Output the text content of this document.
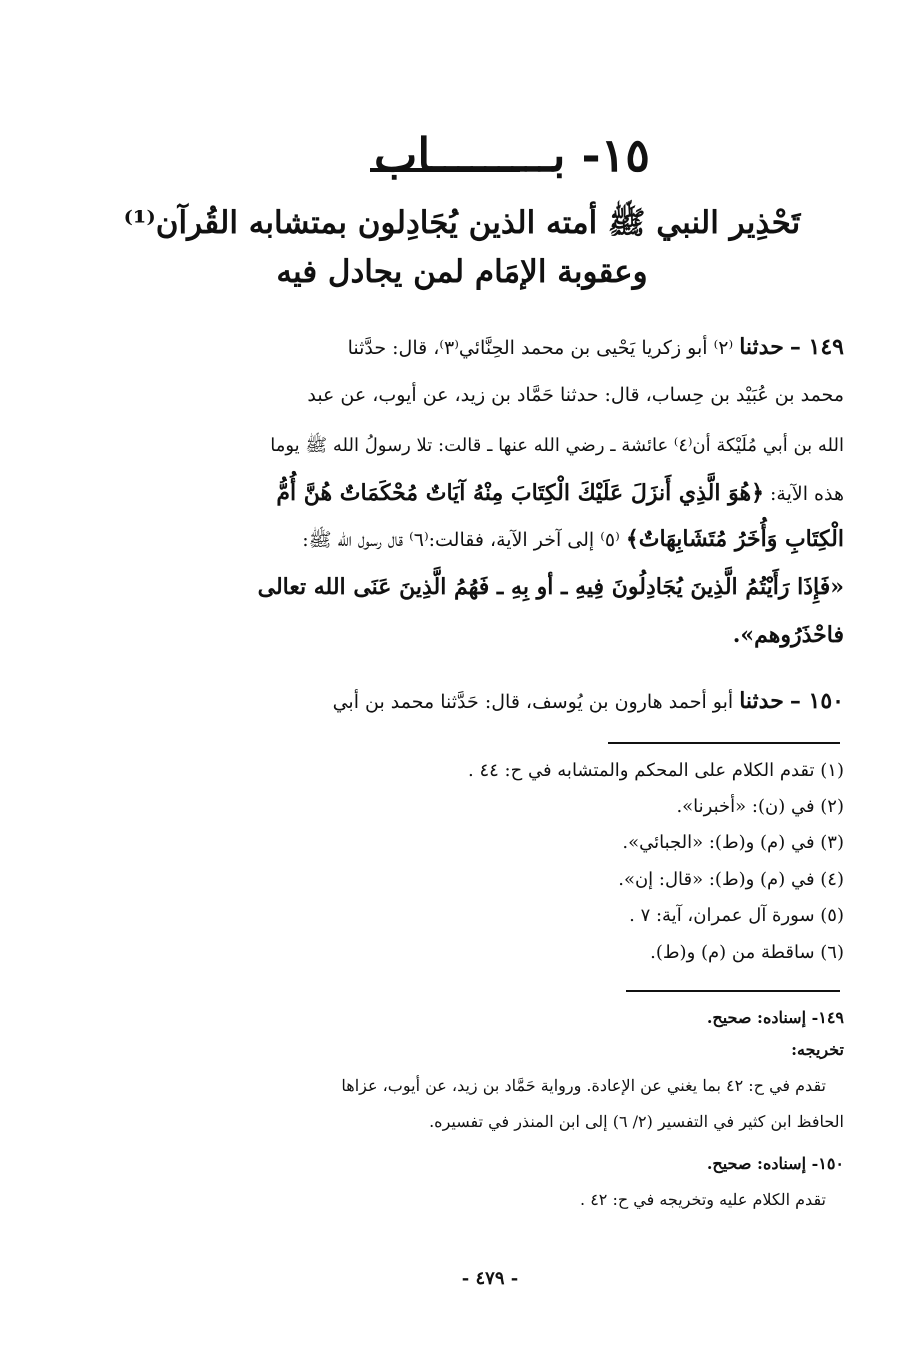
١٥- بـــــــــاب
تَحْذِير النبي ﷺ أمته الذين يُجَادِلون بمتشابه القُرآن⁽¹⁾
وعقوبة الإمَام لمن يجادل فيه
١٤٩ – حدثنا ⁽٢⁾ أبو زكريا يَحْيى بن محمد الحِنَّائي⁽٣⁾، قال: حدَّثنا
محمد بن عُبَيْد بن حِساب، قال: حدثنا حَمَّاد بن زيد، عن أيوب، عن عبد
الله بن أبي مُلَيْكة أن⁽٤⁾ عائشة ـ رضي الله عنها ـ قالت: تلا رسولُ الله ﷺ يوما
هذه الآية: ﴿هُوَ الَّذِي أَنزَلَ عَلَيْكَ الْكِتَابَ مِنْهُ آيَاتٌ مُحْكَمَاتٌ هُنَّ أُمُّ
الْكِتَابِ وَأُخَرُ مُتَشَابِهَاتٌ﴾ ⁽٥⁾ إلى آخر الآية، فقالت:⁽٦⁾ قال رسول الله ﷺ:
«فَإِذَا رَأَيْتُمُ الَّذِينَ يُجَادِلُونَ فِيهِ ـ أو بِهِ ـ فَهُمُ الَّذِينَ عَنَى الله تعالى
فاحْذَرُوهم».
١٥٠ – حدثنا أبو أحمد هارون بن يُوسف، قال: حَدَّثنا محمد بن أبي
(١) تقدم الكلام على المحكم والمتشابه في ح: ٤٤ .
(٢) في (ن): «أخبرنا».
(٣) في (م) و(ط): «الجبائي».
(٤) في (م) و(ط): «قال: إن».
(٥) سورة آل عمران، آية: ٧ .
(٦) ساقطة من (م) و(ط).
١٤٩- إسناده: صحيح.
تخريجه:
تقدم في ح: ٤٢ بما يغني عن الإعادة. ورواية حَمَّاد بن زيد، عن أيوب، عزاها
الحافظ ابن كثير في التفسير (٢/ ٦) إلى ابن المنذر في تفسيره.
١٥٠- إسناده: صحيح.
تقدم الكلام عليه وتخريجه في ح: ٤٢ .
- ٤٧٩ -
